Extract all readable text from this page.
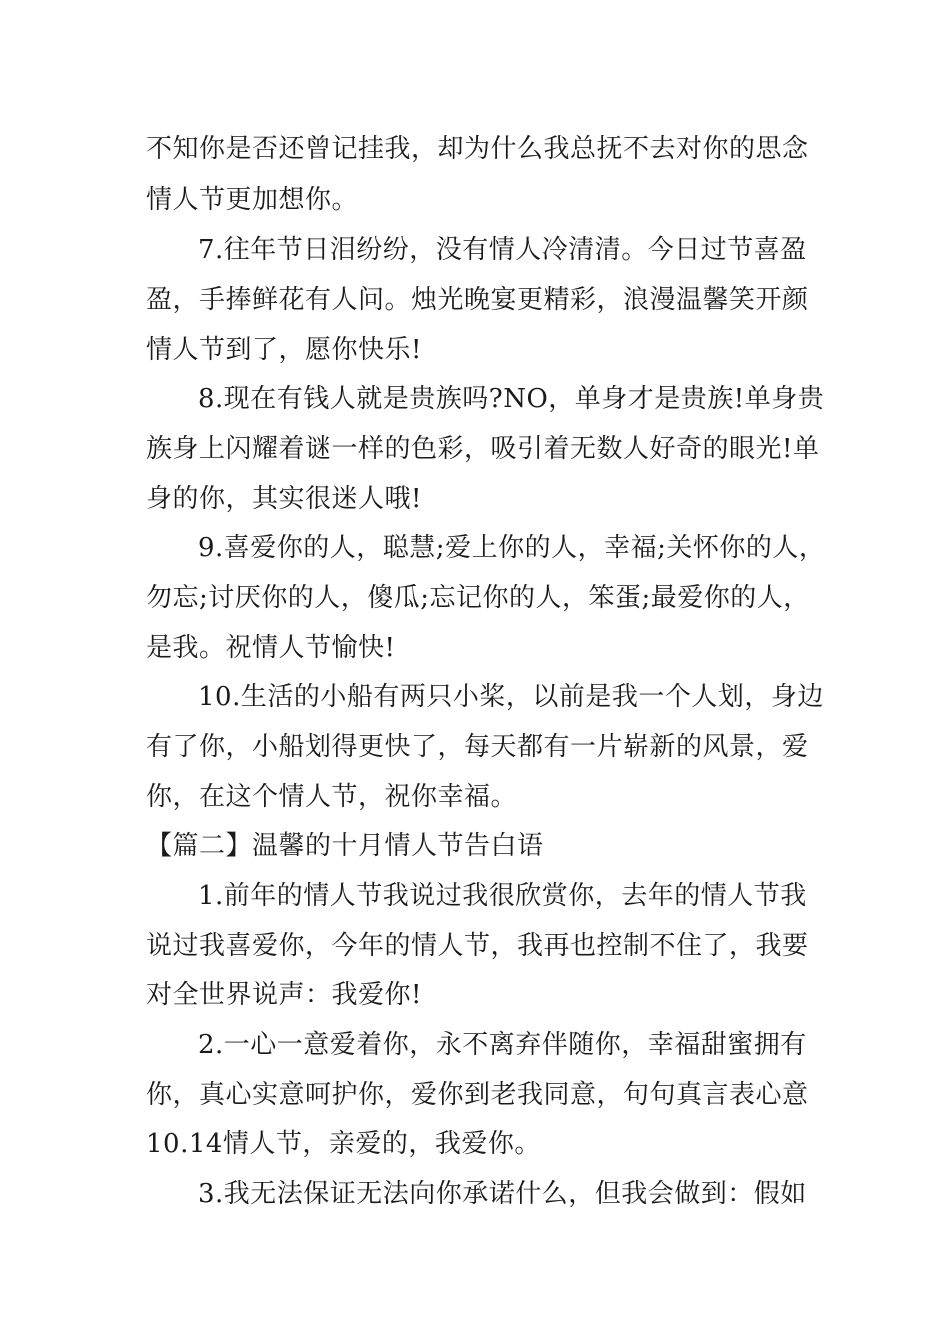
不知你是否还曾记挂我，却为什么我总抚不去对你的思念
情人节更加想你。
7.往年节日泪纷纷，没有情人冷清清。今日过节喜盈
盈，手捧鲜花有人问。烛光晚宴更精彩，浪漫温馨笑开颜
情人节到了，愿你快乐!
8.现在有钱人就是贵族吗?NO，单身才是贵族!单身贵
族身上闪耀着谜一样的色彩，吸引着无数人好奇的眼光!单
身的你，其实很迷人哦!
9.喜爱你的人，聪慧;爱上你的人，幸福;关怀你的人，
勿忘;讨厌你的人，傻瓜;忘记你的人，笨蛋;最爱你的人，
是我。祝情人节愉快!
10.生活的小船有两只小桨，以前是我一个人划，身边
有了你，小船划得更快了，每天都有一片崭新的风景，爱
你，在这个情人节，祝你幸福。
【篇二】温馨的十月情人节告白语
1.前年的情人节我说过我很欣赏你，去年的情人节我
说过我喜爱你，今年的情人节，我再也控制不住了，我要
对全世界说声：我爱你!
2.一心一意爱着你，永不离弃伴随你，幸福甜蜜拥有
你，真心实意呵护你，爱你到老我同意，句句真言表心意
10.14情人节，亲爱的，我爱你。
3.我无法保证无法向你承诺什么，但我会做到：假如
